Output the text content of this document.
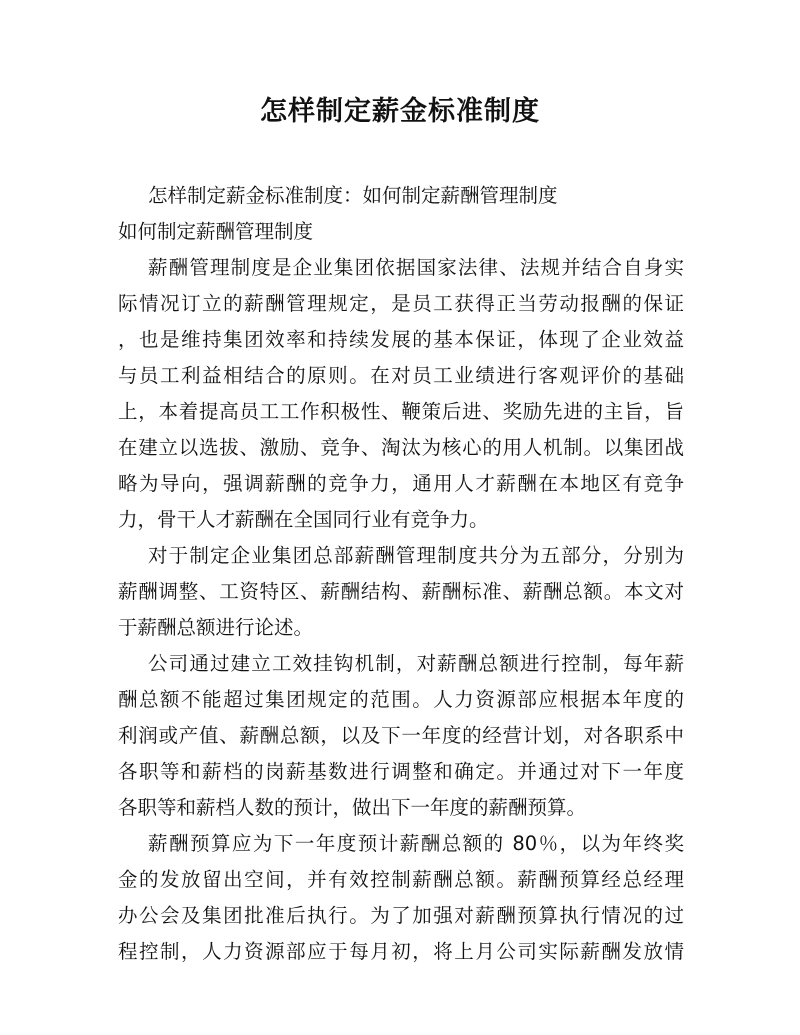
怎样制定薪金标准制度
怎样制定薪金标准制度：如何制定薪酬管理制度
如何制定薪酬管理制度
薪酬管理制度是企业集团依据国家法律、法规并结合自身实
际情况订立的薪酬管理规定，是员工获得正当劳动报酬的保证
，也是维持集团效率和持续发展的基本保证，体现了企业效益
与员工利益相结合的原则。在对员工业绩进行客观评价的基础
上，本着提高员工工作积极性、鞭策后进、奖励先进的主旨，旨
在建立以选拔、激励、竞争、淘汰为核心的用人机制。以集团战
略为导向，强调薪酬的竞争力，通用人才薪酬在本地区有竞争
力，骨干人才薪酬在全国同行业有竞争力。
对于制定企业集团总部薪酬管理制度共分为五部分，分别为
薪酬调整、工资特区、薪酬结构、薪酬标准、薪酬总额。本文对
于薪酬总额进行论述。
公司通过建立工效挂钩机制，对薪酬总额进行控制，每年薪
酬总额不能超过集团规定的范围。人力资源部应根据本年度的
利润或产值、薪酬总额，以及下一年度的经营计划，对各职系中
各职等和薪档的岗薪基数进行调整和确定。并通过对下一年度
各职等和薪档人数的预计，做出下一年度的薪酬预算。
薪酬预算应为下一年度预计薪酬总额的 80％，以为年终奖
金的发放留出空间，并有效控制薪酬总额。薪酬预算经总经理
办公会及集团批准后执行。为了加强对薪酬预算执行情况的过
程控制，人力资源部应于每月初，将上月公司实际薪酬发放情
